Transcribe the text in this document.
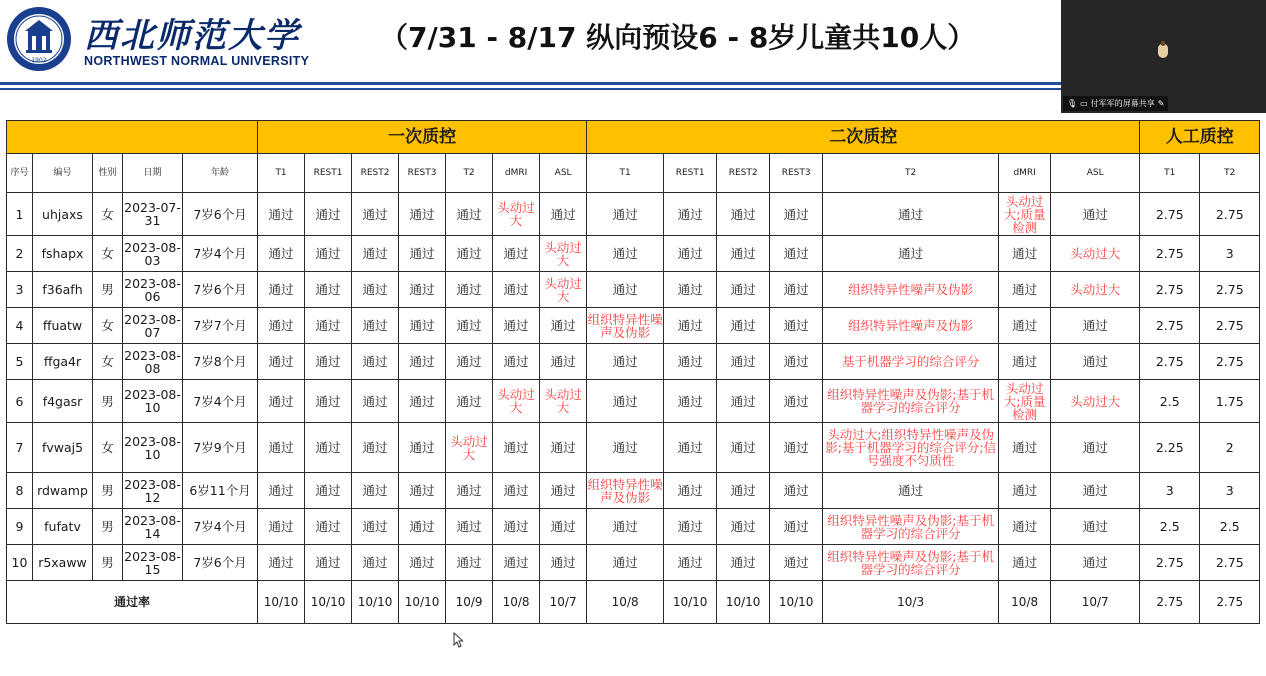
1902
西北师范大学
NORTHWEST NORMAL UNIVERSITY
（7/31 - 8/17 纵向预设6 - 8岁儿童共10人）
🎙 ▭ 付军军的屏幕共享 ✎
					一次质控							二次质控							人工质控	
序号	编号	性别	日期	年龄	T1	REST1	REST2	REST3	T2	dMRI	ASL	T1	REST1	REST2	REST3	T2	dMRI	ASL	T1	T2
1	uhjaxs	女	2023-07-31	7岁6个月	通过	通过	通过	通过	通过	头动过大	通过	通过	通过	通过	通过	通过	头动过大;质量检测	通过	2.75	2.75
2	fshapx	女	2023-08-03	7岁4个月	通过	通过	通过	通过	通过	通过	头动过大	通过	通过	通过	通过	通过	通过	头动过大	2.75	3
3	f36afh	男	2023-08-06	7岁6个月	通过	通过	通过	通过	通过	通过	头动过大	通过	通过	通过	通过	组织特异性噪声及伪影	通过	头动过大	2.75	2.75
4	ffuatw	女	2023-08-07	7岁7个月	通过	通过	通过	通过	通过	通过	通过	组织特异性噪声及伪影	通过	通过	通过	组织特异性噪声及伪影	通过	通过	2.75	2.75
5	ffga4r	女	2023-08-08	7岁8个月	通过	通过	通过	通过	通过	通过	通过	通过	通过	通过	通过	基于机器学习的综合评分	通过	通过	2.75	2.75
6	f4gasr	男	2023-08-10	7岁4个月	通过	通过	通过	通过	通过	头动过大	头动过大	通过	通过	通过	通过	组织特异性噪声及伪影;基于机器学习的综合评分	头动过大;质量检测	头动过大	2.5	1.75
7	fvwaj5	女	2023-08-10	7岁9个月	通过	通过	通过	通过	头动过大	通过	通过	通过	通过	通过	通过	头动过大;组织特异性噪声及伪影;基于机器学习的综合评分;信号强度不匀质性	通过	通过	2.25	2
8	rdwamp	男	2023-08-12	6岁11个月	通过	通过	通过	通过	通过	通过	通过	组织特异性噪声及伪影	通过	通过	通过	通过	通过	通过	3	3
9	fufatv	男	2023-08-14	7岁4个月	通过	通过	通过	通过	通过	通过	通过	通过	通过	通过	通过	组织特异性噪声及伪影;基于机器学习的综合评分	通过	通过	2.5	2.5
10	r5xaww	男	2023-08-15	7岁6个月	通过	通过	通过	通过	通过	通过	通过	通过	通过	通过	通过	组织特异性噪声及伪影;基于机器学习的综合评分	通过	通过	2.75	2.75
通过率					10/10	10/10	10/10	10/10	10/9	10/8	10/7	10/8	10/10	10/10	10/10	10/3	10/8	10/7	2.75	2.75
